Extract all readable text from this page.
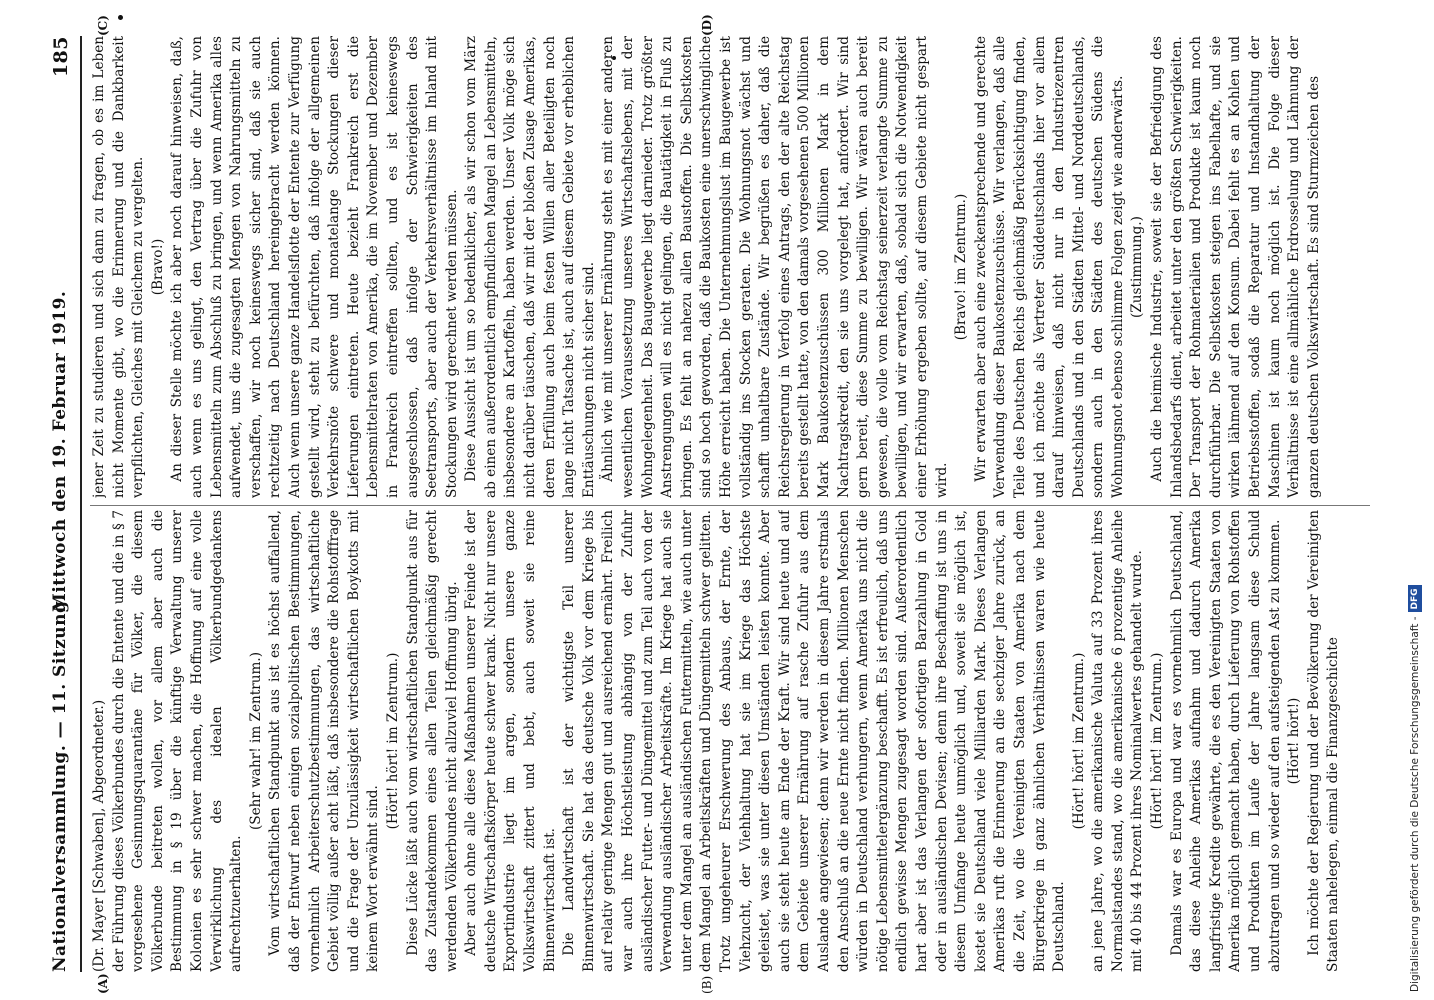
Nationalversammlung. — 11. Sitzung.
Mittwoch den 19. Februar 1919.
185
(A)	(B)
(C)	(D)

(Dr. Mayer [Schwaben], Abgeordneter.) der Führung dieses Völkerbundes durch die Entente und die in § 7 vorgesehene Gesinnungsquarantäne für Völker, die diesem Völkerbunde beitreten wollen, vor allem aber auch die Bestimmung in § 19 über die künftige Verwaltung unserer Kolonien es sehr schwer machen, die Hoffnung auf eine volle Verwirklichung des idealen Völkerbundgedankens aufrechtzuerhalten.

(Sehr wahr! im Zentrum.) Vom wirtschaftlichen Standpunkt aus ist es höchst auffallend, daß der Entwurf neben einigen sozialpolitischen Bestimmungen, vornehmlich Arbeiterschutzbestimmungen, das wirtschaftliche Gebiet völlig außer acht läßt, daß insbesondere die Rohstofffrage und die Frage der Unzulässigkeit wirtschaftlichen Boykotts mit keinem Wort erwähnt sind.

(Hört! hört! im Zentrum.) Diese Lücke läßt auch vom wirtschaftlichen Standpunkt aus für das Zustandekommen eines allen Teilen gleichmäßig gerecht werdenden Völkerbundes nicht allzuviel Hoffnung übrig. Aber auch ohne alle diese Maßnahmen unserer Feinde ist der deutsche Wirtschaftskörper heute schwer krank. Nicht nur unsere Exportindustrie liegt im argen, sondern unsere ganze Volkswirtschaft zittert und bebt, auch soweit sie reine Binnenwirtschaft ist. Die Landwirtschaft ist der wichtigste Teil unserer Binnenwirtschaft. Sie hat das deutsche Volk vor dem Kriege bis auf relativ geringe Mengen gut und ausreichend ernährt. Freilich war auch ihre Höchstleistung abhängig von der Zufuhr ausländischer Futter- und Düngemittel und zum Teil auch von der Verwendung ausländischer Arbeitskräfte. Im Kriege hat auch sie unter dem Mangel an ausländischen Futtermitteln, wie auch unter dem Mangel an Arbeitskräften und Düngemitteln schwer gelitten. Trotz ungeheurer Erschwerung des Anbaus, der Ernte, der Viehzucht, der Viehhaltung hat sie im Kriege das Höchste geleistet, was sie unter diesen Umständen leisten konnte. Aber auch sie steht heute am Ende der Kraft. Wir sind heute und auf dem Gebiete unserer Ernährung auf rasche Zufuhr aus dem Auslande angewiesen; denn wir werden in diesem Jahre erstmals den Anschluß an die neue Ernte nicht finden. Millionen Menschen würden in Deutschland verhungern, wenn Amerika uns nicht die nötige Lebensmittelergänzung beschafft. Es ist erfreulich, daß uns endlich gewisse Mengen zugesagt worden sind. Außerordentlich hart aber ist das Verlangen der sofortigen Barzahlung in Gold oder in ausländischen Devisen; denn ihre Beschaffung ist uns in diesem Umfange heute unmöglich und, soweit sie möglich ist, kostet sie Deutschland viele Milliarden Mark. Dieses Verlangen Amerikas ruft die Erinnerung an die sechziger Jahre zurück, an die Zeit, wo die Vereinigten Staaten von Amerika nach dem Bürgerkriege in ganz ähnlichen Verhältnissen waren wie heute Deutschland.

(Hört! hört! im Zentrum.) an jene Jahre, wo die amerikanische Valuta auf 33 Prozent ihres Normalstandes stand, wo die amerikanische 6 prozentige Anleihe mit 40 bis 44 Prozent ihres Nominalwertes gehandelt wurde. (Hört! hört! im Zentrum.) Damals war es Europa und war es vornehmlich Deutschland, das diese Anleihe Amerikas aufnahm und dadurch Amerika langfristige Kredite gewährte, die es den Vereinigten Staaten von Amerika möglich gemacht haben, durch Lieferung von Rohstoffen und Produkten im Laufe der Jahre langsam diese Schuld abzutragen und so wieder auf den aufsteigenden Ast zu kommen. (Hört! hört!) Ich möchte der Regierung und der Bevölkerung der Vereinigten Staaten nahelegen, einmal die Finanzgeschichte

jener Zeit zu studieren und sich dann zu fragen, ob es im Leben nicht Momente gibt, wo die Erinnerung und die Dankbarkeit verpflichten, Gleiches mit Gleichem zu vergelten. (Bravo!) An dieser Stelle möchte ich aber noch darauf hinweisen, daß, auch wenn es uns gelingt, den Vertrag über die Zufuhr von Lebensmitteln zum Abschluß zu bringen, und wenn Amerika alles aufwendet, uns die zugesagten Mengen von Nahrungsmitteln zu verschaffen, wir noch keineswegs sicher sind, daß sie auch rechtzeitig nach Deutschland hereingebracht werden können. Auch wenn unsere ganze Handelsflotte der Entente zur Verfügung gestellt wird, steht zu befürchten, daß infolge der allgemeinen Verkehrsnöte schwere und monatelange Stockungen dieser Lieferungen eintreten. Heute bezieht Frankreich erst die Lebensmittelraten von Amerika, die im November und Dezember in Frankreich eintreffen sollten, und es ist keineswegs ausgeschlossen, daß infolge der Schwierigkeiten des Seetransports, aber auch der Verkehrsverhältnisse im Inland mit Stockungen wird gerechnet werden müssen. Diese Aussicht ist um so bedenklicher, als wir schon vom März ab einen außerordentlich empfindlichen Mangel an Lebensmitteln, insbesondere an Kartoffeln, haben werden. Unser Volk möge sich nicht darüber täuschen, daß wir mit der bloßen Zusage Amerikas, deren Erfüllung auch beim festen Willen aller Beteiligten noch lange nicht Tatsache ist, auch auf diesem Gebiete vor erheblichen Enttäuschungen nicht sicher sind. Ähnlich wie mit unserer Ernährung steht es mit einer anderen wesentlichen Voraussetzung unseres Wirtschaftslebens, mit der Wohngelegenheit. Das Baugewerbe liegt darnieder. Trotz größter Anstrengungen will es nicht gelingen, die Bautätigkeit in Fluß zu bringen. Es fehlt an nahezu allen Baustoffen. Die Selbstkosten sind so hoch geworden, daß die Baukosten eine unerschwingliche Höhe erreicht haben. Die Unternehmungslust im Baugewerbe ist vollständig ins Stocken geraten. Die Wohnungsnot wächst und schafft unhaltbare Zustände. Wir begrüßen es daher, daß die Reichsregierung in Verfolg eines Antrags, den der alte Reichstag bereits gestellt hatte, von den damals vorgesehenen 500 Millionen Mark Baukostenzuschüssen 300 Millionen Mark in dem Nachtragskredit, den sie uns vorgelegt hat, anfordert. Wir sind gern bereit, diese Summe zu bewilligen. Wir wären auch bereit gewesen, die volle vom Reichstag seinerzeit verlangte Summe zu bewilligen, und wir erwarten, daß, sobald sich die Notwendigkeit einer Erhöhung ergeben sollte, auf diesem Gebiete nicht gespart wird.

(Bravo! im Zentrum.) Wir erwarten aber auch eine zweckentsprechende und gerechte Verwendung dieser Baukostenzuschüsse. Wir verlangen, daß alle Teile des Deutschen Reichs gleichmäßig Berücksichtigung finden, und ich möchte als Vertreter Süddeutschlands hier vor allem darauf hinweisen, daß nicht nur in den Industriezentren Deutschlands und in den Städten Mittel- und Norddeutschlands, sondern auch in den Städten des deutschen Südens die Wohnungsnot ebenso schlimme Folgen zeigt wie anderwärts. (Zustimmung.) Auch die heimische Industrie, soweit sie der Befriedigung des Inlandsbedarfs dient, arbeitet unter den größten Schwierigkeiten. Der Transport der Rohmaterialien und Produkte ist kaum noch durchführbar. Die Selbstkosten steigen ins Fabelhafte, und sie wirken lähmend auf den Konsum. Dabei fehlt es an Kohlen und Betriebsstoffen, sodaß die Reparatur und Instandhaltung der Maschinen ist kaum noch möglich ist. Die Folge dieser Verhältnisse ist eine allmähliche Erdrosselung und Lähmung der ganzen deutschen Volkswirtschaft. Es sind Sturmzeichen des

Digitalisierung gefördert durch die Deutsche Forschungsgemeinschaft -DFG
